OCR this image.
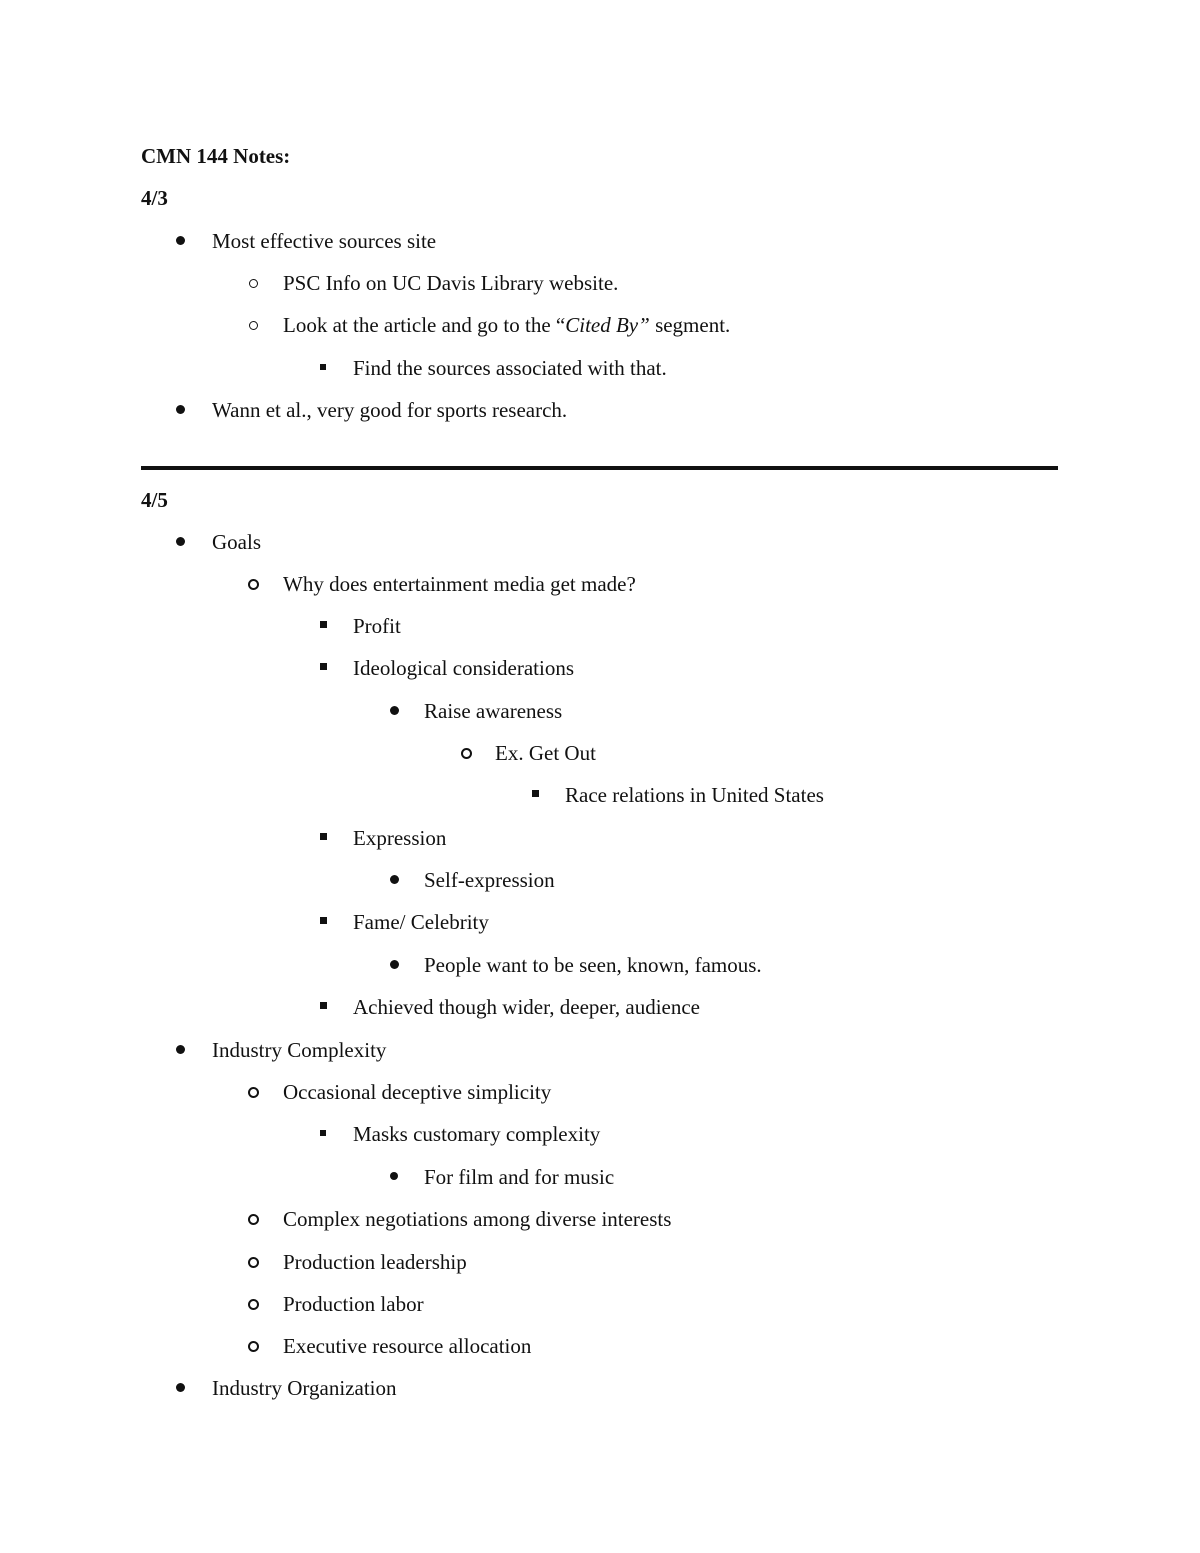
CMN 144 Notes:
4/3
Most effective sources site
PSC Info on UC Davis Library website.
Look at the article and go to the “Cited By” segment.
Find the sources associated with that.
Wann et al., very good for sports research.
4/5
Goals
Why does entertainment media get made?
Profit
Ideological considerations
Raise awareness
Ex. Get Out
Race relations in United States
Expression
Self-expression
Fame/ Celebrity
People want to be seen, known, famous.
Achieved though wider, deeper, audience
Industry Complexity
Occasional deceptive simplicity
Masks customary complexity
For film and for music
Complex negotiations among diverse interests
Production leadership
Production labor
Executive resource allocation
Industry Organization
